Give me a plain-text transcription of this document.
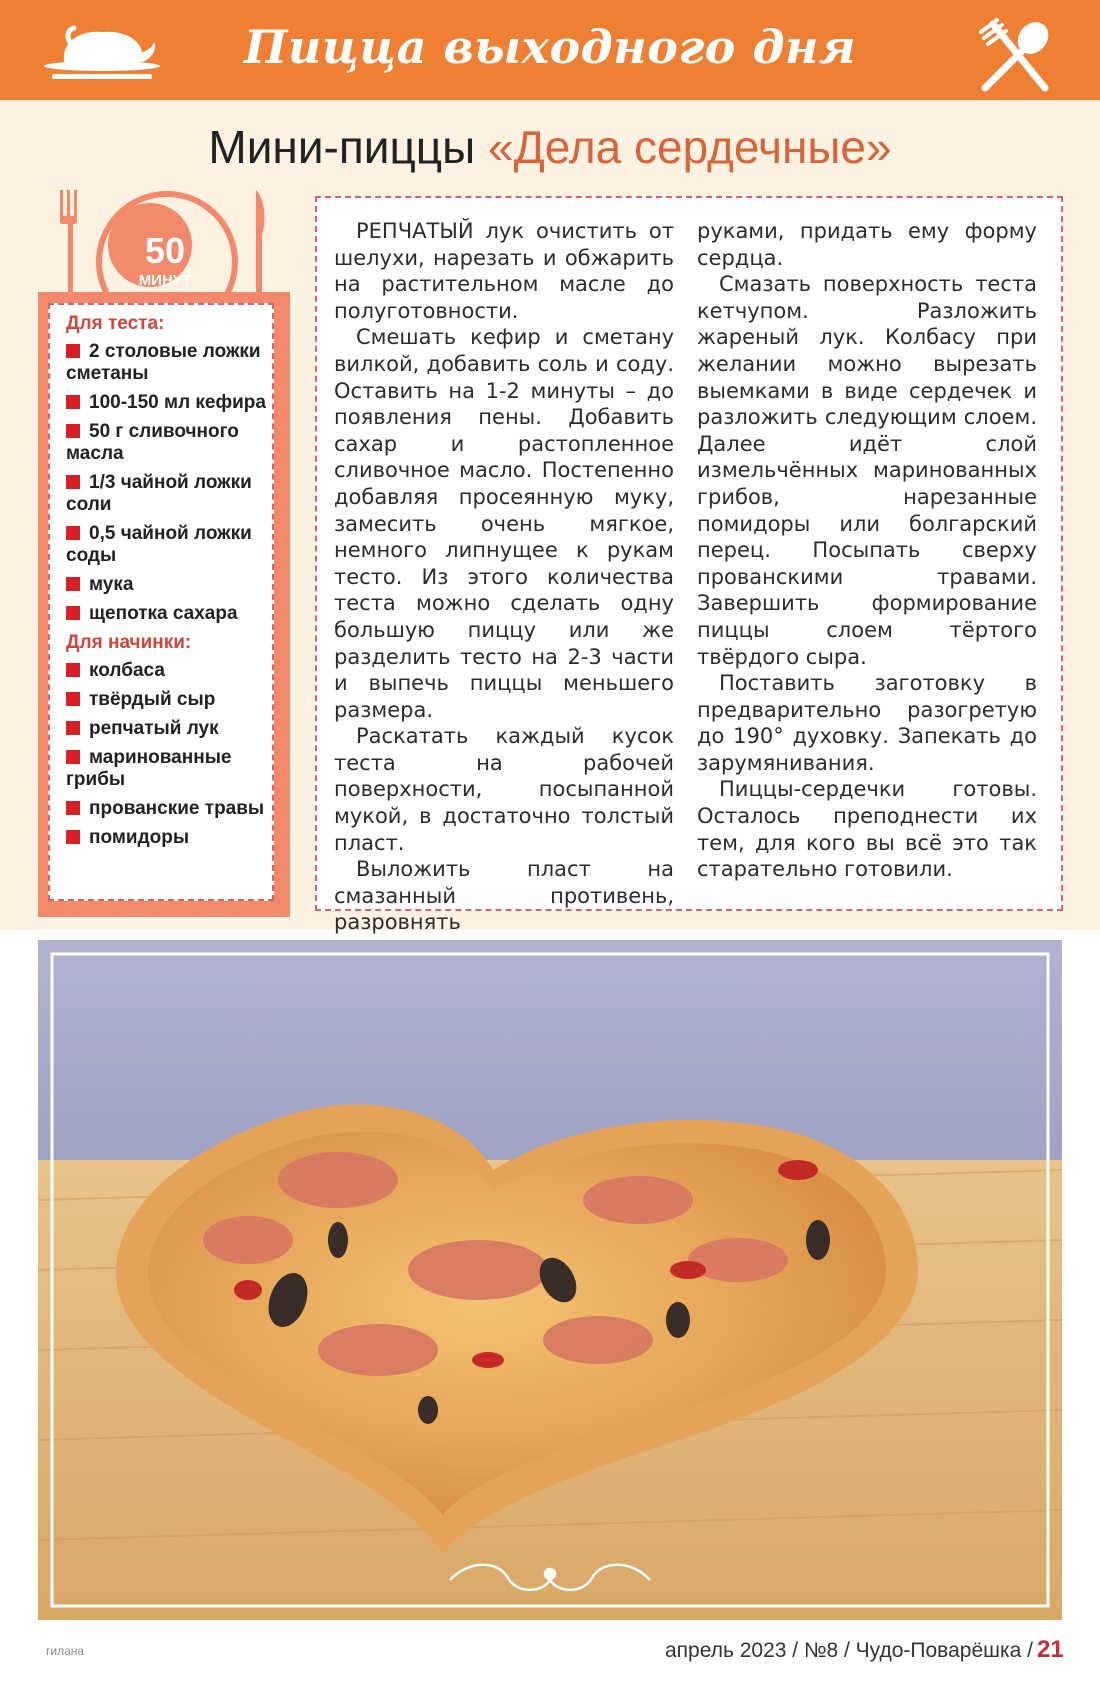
Пицца выходного дня
Мини-пиццы «Дела сердечные»
50
МИНУТ
Для теста:
2 столовые ложки сметаны
100-150 мл кефира
50 г сливочного масла
1/3 чайной ложки соли
0,5 чайной ложки соды
мука
щепотка сахара
Для начинки:
колбаса
твёрдый сыр
репчатый лук
маринованные грибы
прованские травы
помидоры

РЕПЧАТЫЙ лук очистить от шелухи, нарезать и обжарить на растительном масле до полуготовности.

Смешать кефир и сметану вилкой, добавить соль и соду. Оставить на 1-2 минуты – до появления пены. Добавить сахар и растопленное сливочное масло. Постепенно добавляя просеянную муку, замесить очень мягкое, немного липнущее к рукам тесто. Из этого количества теста можно сделать одну большую пиццу или же разделить тесто на 2-3 части и выпечь пиццы меньшего размера.

Раскатать каждый кусок теста на рабочей поверхности, посыпанной мукой, в достаточно толстый пласт.

Выложить пласт на смазанный противень, разровнять

руками, придать ему форму сердца.

Смазать поверхность теста кетчупом. Разложить жареный лук. Колбасу при желании можно вырезать выемками в виде сердечек и разложить следующим слоем. Далее идёт слой измельчённых маринованных грибов, нарезанные помидоры или болгарский перец. Посыпать сверху прованскими травами. Завершить формирование пиццы слоем тёртого твёрдого сыра.

Поставить заготовку в предварительно разогретую до 190° духовку. Запекать до зарумянивания.

Пиццы-сердечки готовы. Осталось преподнести их тем, для кого вы всё это так старательно готовили.

гилана	апрель 2023 / №8 / Чудо-Поварёшка / 21
